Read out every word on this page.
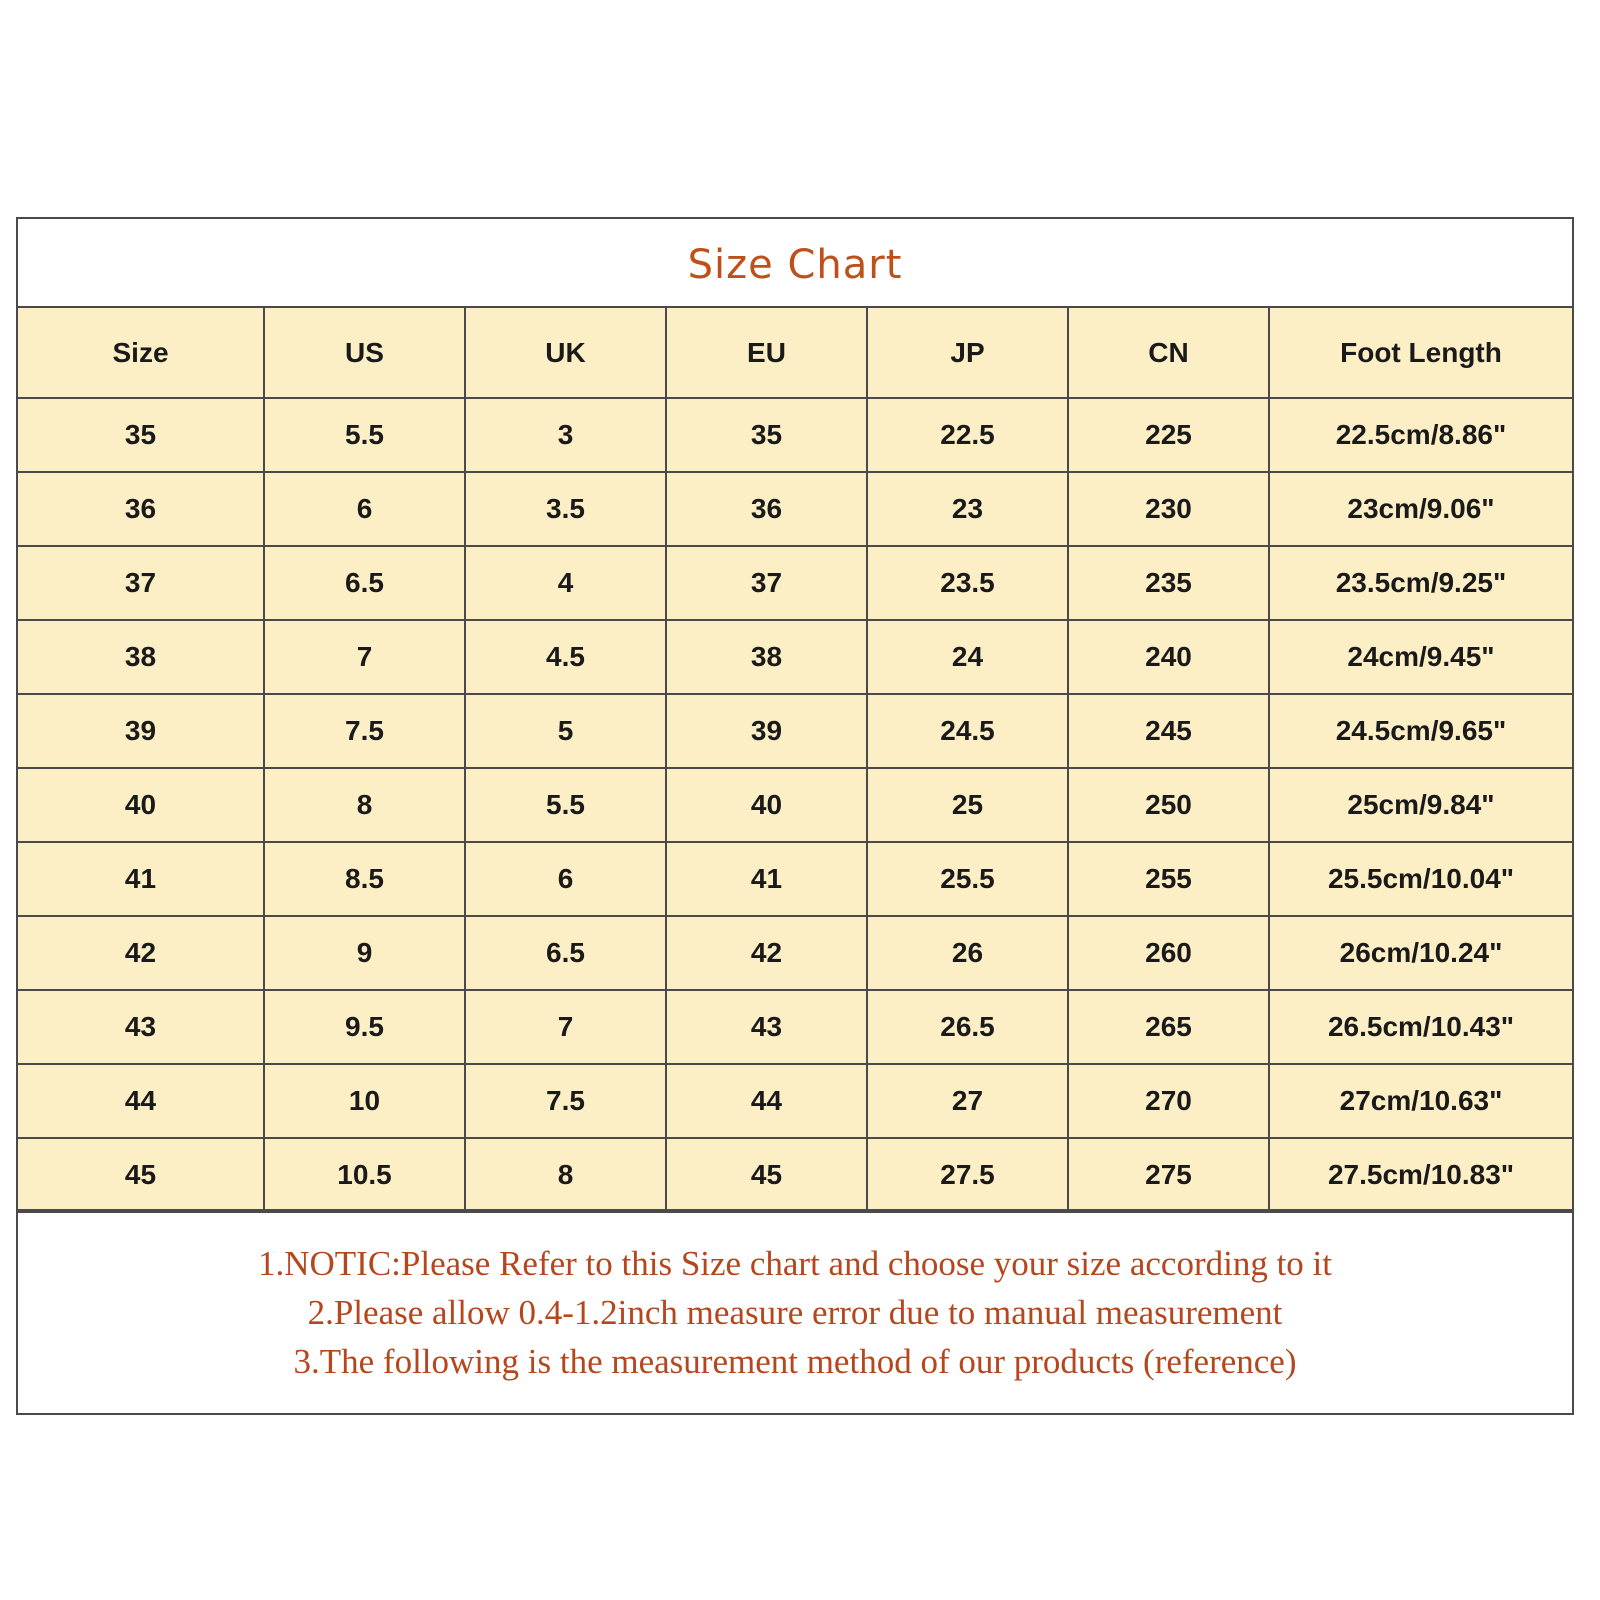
Size Chart
Size	US	UK	EU	JP	CN	Foot Length
35	5.5	3	35	22.5	225	22.5cm/8.86"
36	6	3.5	36	23	230	23cm/9.06"
37	6.5	4	37	23.5	235	23.5cm/9.25"
38	7	4.5	38	24	240	24cm/9.45"
39	7.5	5	39	24.5	245	24.5cm/9.65"
40	8	5.5	40	25	250	25cm/9.84"
41	8.5	6	41	25.5	255	25.5cm/10.04"
42	9	6.5	42	26	260	26cm/10.24"
43	9.5	7	43	26.5	265	26.5cm/10.43"
44	10	7.5	44	27	270	27cm/10.63"
45	10.5	8	45	27.5	275	27.5cm/10.83"
1.NOTIC:Please Refer to this Size chart and choose your size according to it
2.Please allow 0.4-1.2inch measure error due to manual measurement
3.The following is the measurement method of our products (reference)
